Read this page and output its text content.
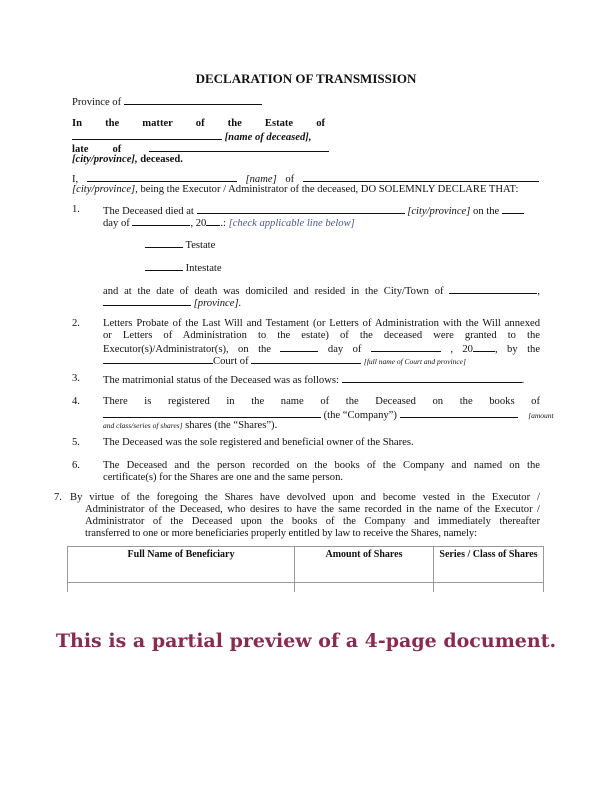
DECLARATION OF TRANSMISSION
Province of
In the matter of the Estate of
[name of deceased],
late of
[city/province], deceased.
I,	[name] of
[city/province], being the Executor / Administrator of the deceased, DO SOLEMNLY DECLARE THAT:
1. The Deceased died at	[city/province] on the
day of	, 20 .: [check applicable line below]
Testate
Intestate
and at the date of death was domiciled and resided in the City/Town of	,
[province].
2. Letters Probate of the Last Will and Testament (or Letters of Administration with the Will annexed
or Letters of Administration to the estate) of the deceased were granted to the
Executor(s)/Administrator(s), on the	day of	, 20 , by the
Court of	[full name of Court and province]
3. The matrimonial status of the Deceased was as follows:	.
4. There is registered in the name of the Deceased on the books of
(the “Company”)	[amount
and class/series of shares] shares (the “Shares”).
5. The Deceased was the sole registered and beneficial owner of the Shares.
6. The Deceased and the person recorded on the books of the Company and named on the
certificate(s) for the Shares are one and the same person.
7. By virtue of the foregoing the Shares have devolved upon and become vested in the Executor /
Administrator of the Deceased, who desires to have the same recorded in the name of the Executor /
Administrator of the Deceased upon the books of the Company and immediately thereafter
transferred to one or more beneficiaries properly entitled by law to receive the Shares, namely:
Full Name of Beneficiary	Amount of Shares	Series / Class of Shares

This is a partial preview of a 4-page document.
